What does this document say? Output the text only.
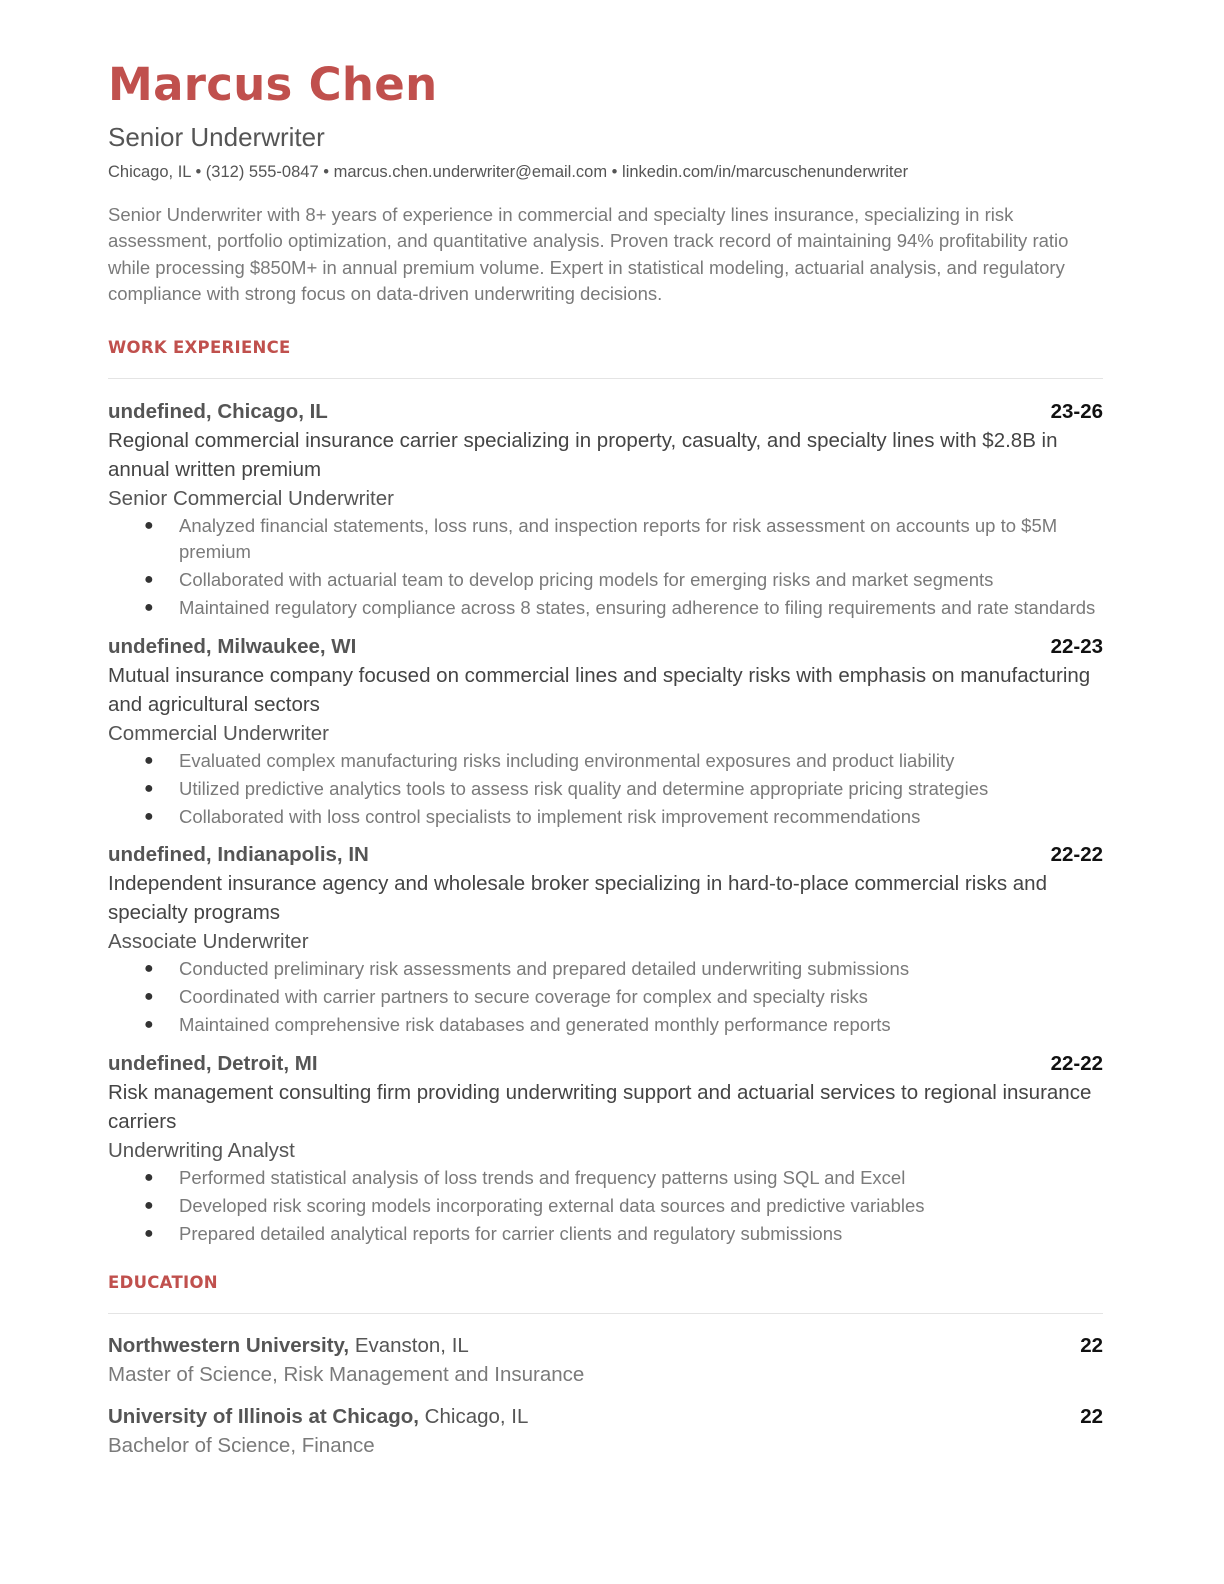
Marcus Chen
Senior Underwriter
Chicago, IL • (312) 555-0847 • marcus.chen.underwriter@email.com • linkedin.com/in/marcuschenunderwriter
Senior Underwriter with 8+ years of experience in commercial and specialty lines insurance, specializing in risk assessment, portfolio optimization, and quantitative analysis. Proven track record of maintaining 94% profitability ratio while processing $850M+ in annual premium volume. Expert in statistical modeling, actuarial analysis, and regulatory compliance with strong focus on data-driven underwriting decisions.
WORK EXPERIENCE
undefined, Chicago, IL	23-26
Regional commercial insurance carrier specializing in property, casualty, and specialty lines with $2.8B in annual written premium
Senior Commercial Underwriter
● Analyzed financial statements, loss runs, and inspection reports for risk assessment on accounts up to $5M premium
● Collaborated with actuarial team to develop pricing models for emerging risks and market segments
● Maintained regulatory compliance across 8 states, ensuring adherence to filing requirements and rate standards
undefined, Milwaukee, WI	22-23
Mutual insurance company focused on commercial lines and specialty risks with emphasis on manufacturing and agricultural sectors
Commercial Underwriter
● Evaluated complex manufacturing risks including environmental exposures and product liability
● Utilized predictive analytics tools to assess risk quality and determine appropriate pricing strategies
● Collaborated with loss control specialists to implement risk improvement recommendations
undefined, Indianapolis, IN	22-22
Independent insurance agency and wholesale broker specializing in hard-to-place commercial risks and specialty programs
Associate Underwriter
● Conducted preliminary risk assessments and prepared detailed underwriting submissions
● Coordinated with carrier partners to secure coverage for complex and specialty risks
● Maintained comprehensive risk databases and generated monthly performance reports
undefined, Detroit, MI	22-22
Risk management consulting firm providing underwriting support and actuarial services to regional insurance carriers
Underwriting Analyst
● Performed statistical analysis of loss trends and frequency patterns using SQL and Excel
● Developed risk scoring models incorporating external data sources and predictive variables
● Prepared detailed analytical reports for carrier clients and regulatory submissions
EDUCATION
Northwestern University, Evanston, IL	22
Master of Science, Risk Management and Insurance
University of Illinois at Chicago, Chicago, IL	22
Bachelor of Science, Finance
